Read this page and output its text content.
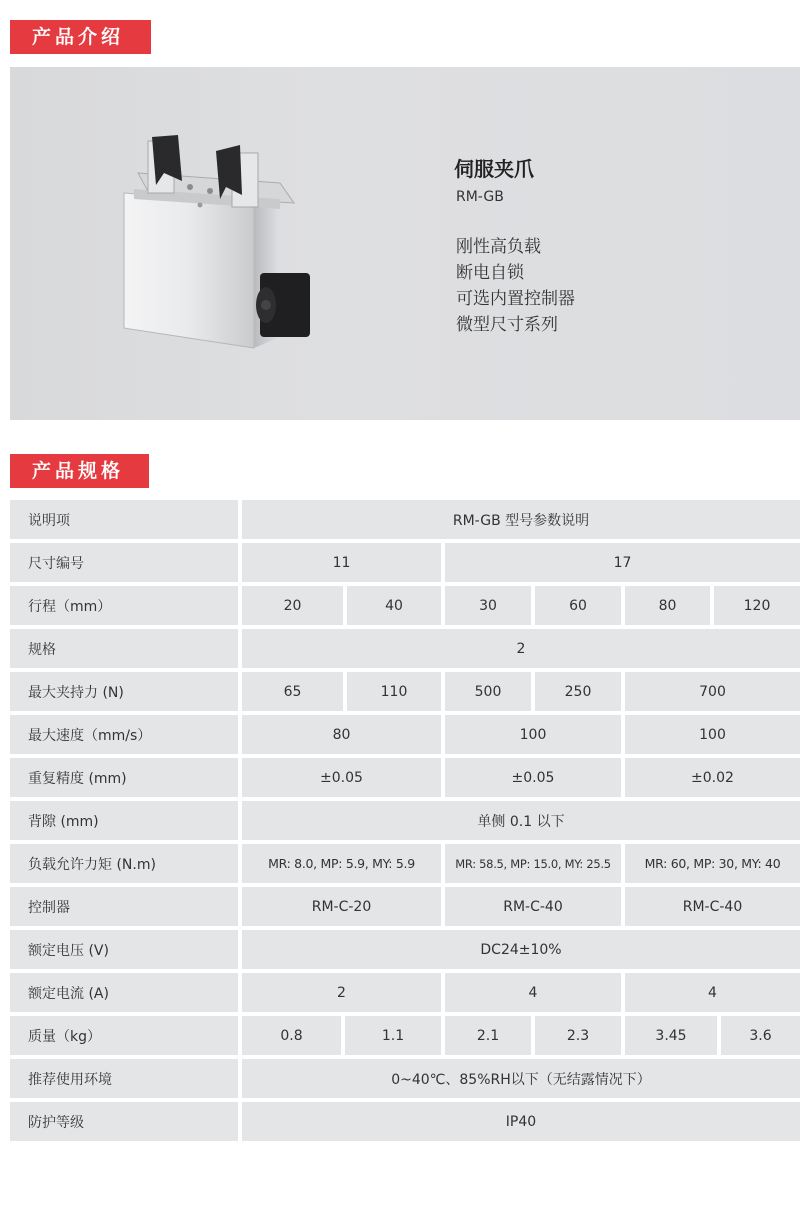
产品介绍
伺服夹爪
RM-GB
刚性高负载
断电自锁
可选内置控制器
微型尺寸系列
产品规格
说明项	RM-GB 型号参数说明
尺寸编号	11	17
行程（mm）	20	40	30	60	80	120
规格	2
最大夹持力 (N)	65	110	500	250	700
最大速度（mm/s）	80	100	100
重复精度 (mm)	±0.05	±0.05	±0.02
背隙 (mm)	单侧 0.1 以下
负载允许力矩 (N.m)	MR: 8.0, MP: 5.9, MY: 5.9	MR: 58.5, MP: 15.0, MY: 25.5	MR: 60, MP: 30, MY: 40
控制器	RM-C-20	RM-C-40	RM-C-40
额定电压 (V)	DC24±10%
额定电流 (A)	2	4	4
质量（kg）	0.8	1.1	2.1	2.3	3.45	3.6
推荐使用环境	0~40℃、85%RH以下（无结露情况下）
防护等级	IP40
